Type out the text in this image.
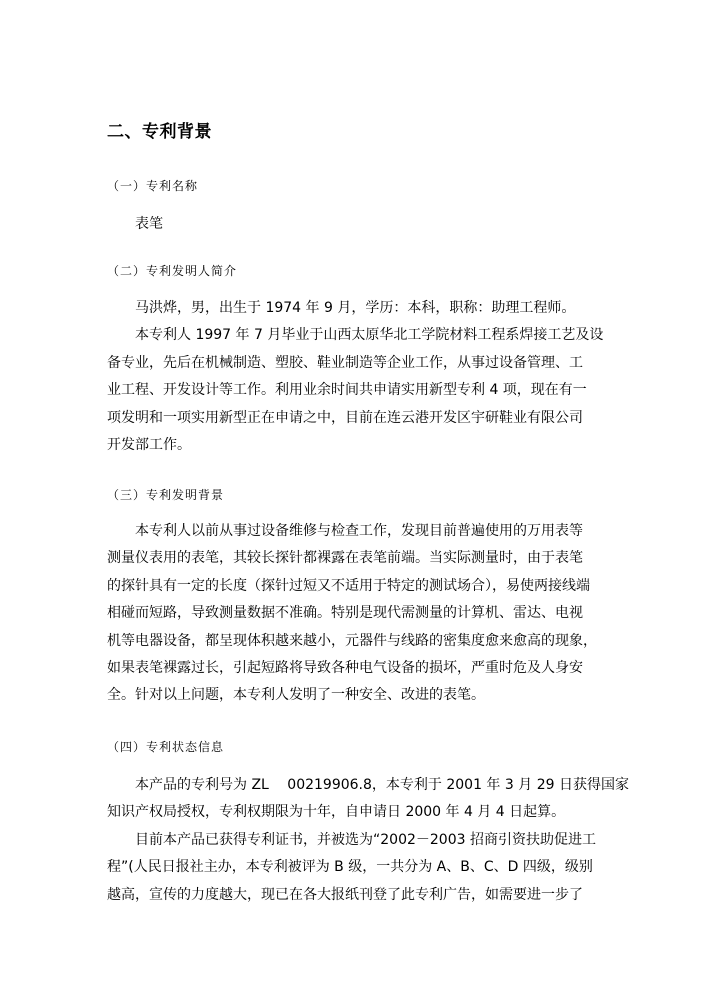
二、专利背景
（一）专利名称

表笔

（二）专利发明人简介

马洪烨，男，出生于 1974 年 9 月，学历：本科，职称：助理工程师。

本专利人 1997 年 7 月毕业于山西太原华北工学院材料工程系焊接工艺及设

备专业，先后在机械制造、塑胶、鞋业制造等企业工作，从事过设备管理、工

业工程、开发设计等工作。利用业余时间共申请实用新型专利 4 项，现在有一

项发明和一项实用新型正在申请之中，目前在连云港开发区宇研鞋业有限公司

开发部工作。

（三）专利发明背景

本专利人以前从事过设备维修与检查工作，发现目前普遍使用的万用表等

测量仪表用的表笔，其较长探针都裸露在表笔前端。当实际测量时，由于表笔

的探针具有一定的长度（探针过短又不适用于特定的测试场合），易使两接线端

相碰而短路，导致测量数据不准确。特别是现代需测量的计算机、雷达、电视

机等电器设备，都呈现体积越来越小，元器件与线路的密集度愈来愈高的现象，

如果表笔裸露过长，引起短路将导致各种电气设备的损坏，严重时危及人身安

全。针对以上问题，本专利人发明了一种安全、改进的表笔。

（四）专利状态信息

本产品的专利号为 ZL　 00219906.8，本专利于 2001 年 3 月 29 日获得国家

知识产权局授权，专利权期限为十年，自申请日 2000 年 4 月 4 日起算。

目前本产品已获得专利证书，并被选为“2002－2003 招商引资扶助促进工

程”(人民日报社主办，本专利被评为 B 级，一共分为 A、B、C、D 四级，级别

越高，宣传的力度越大，现已在各大报纸刊登了此专利广告，如需要进一步了
